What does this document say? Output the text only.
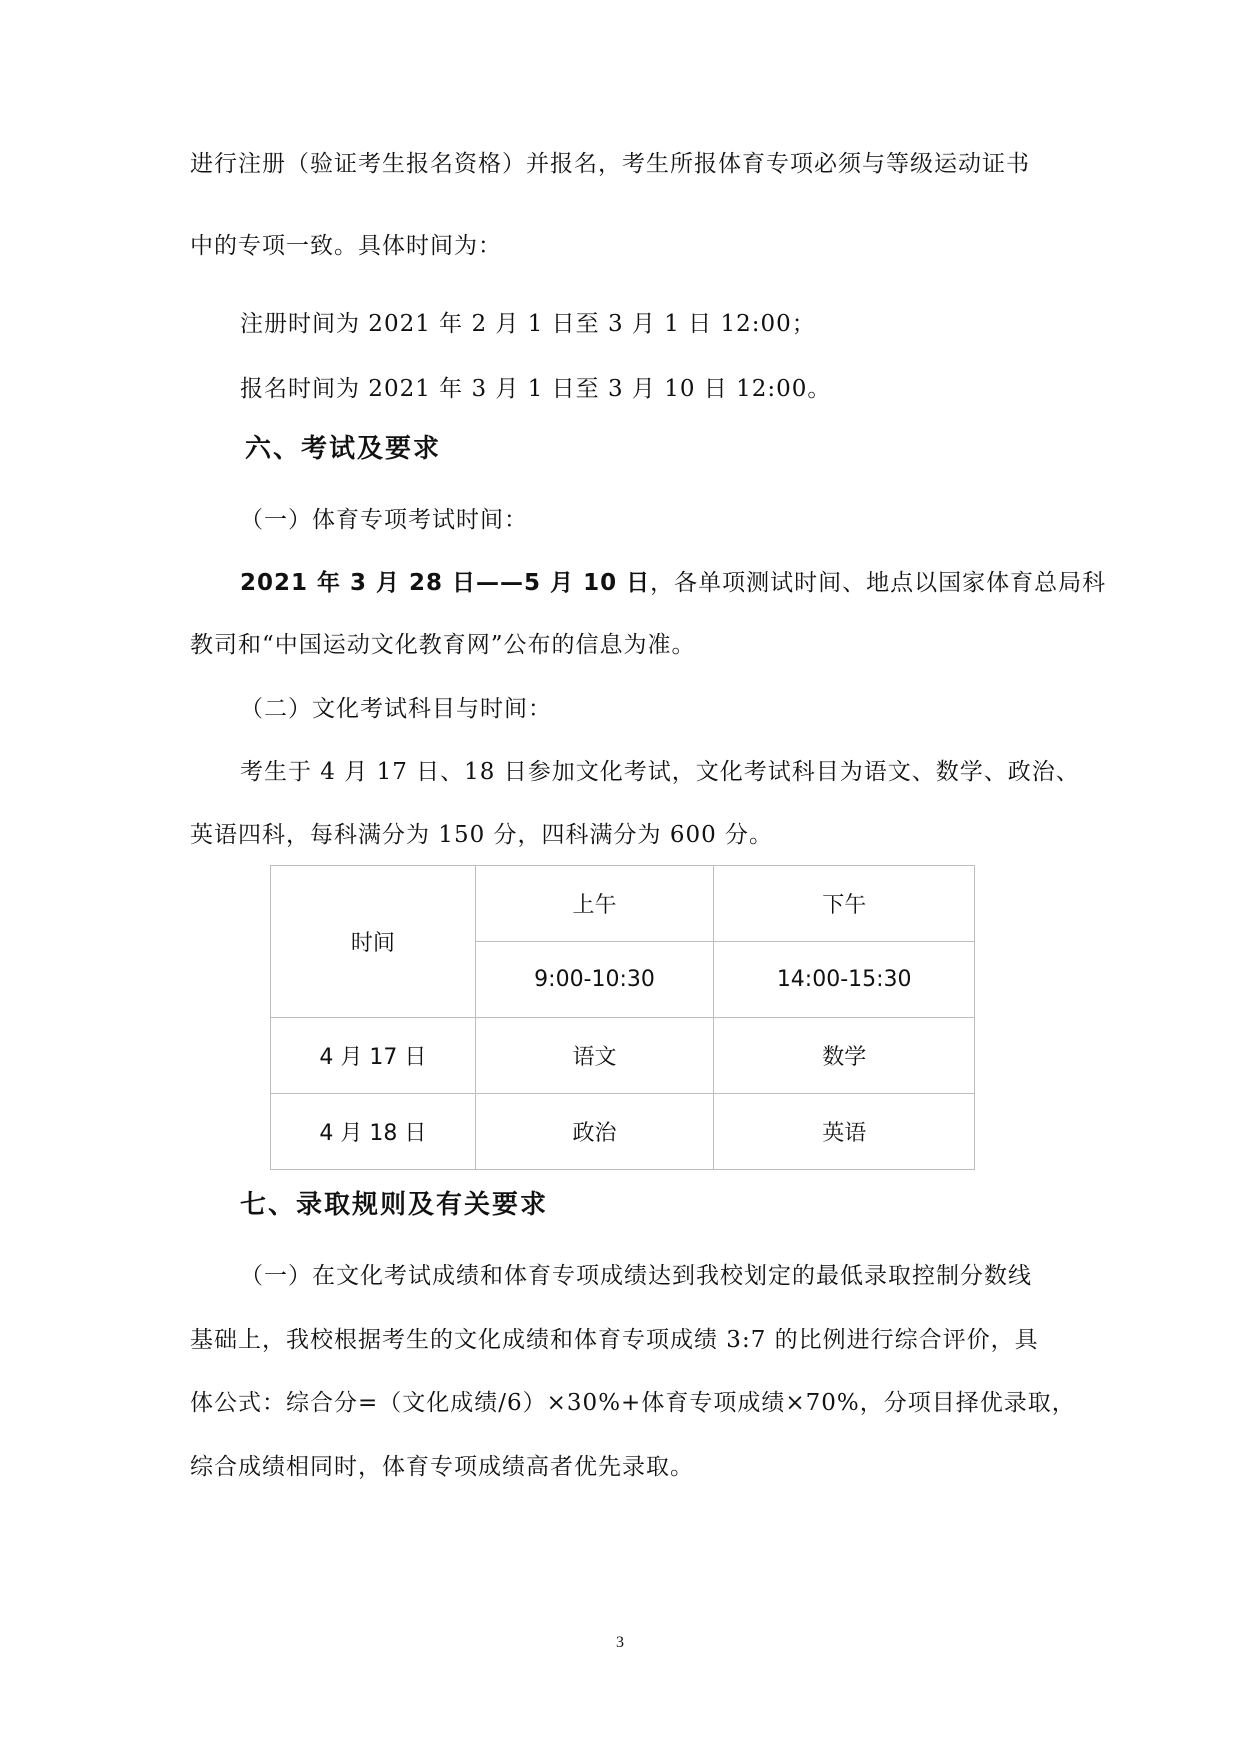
进行注册（验证考生报名资格）并报名，考生所报体育专项必须与等级运动证书
中的专项一致。具体时间为：
注册时间为 2021 年 2 月 1 日至 3 月 1 日 12:00；
报名时间为 2021 年 3 月 1 日至 3 月 10 日 12:00。
六、考试及要求
（一）体育专项考试时间：
2021 年 3 月 28 日——5 月 10 日，各单项测试时间、地点以国家体育总局科
教司和“中国运动文化教育网”公布的信息为准。
（二）文化考试科目与时间：
考生于 4 月 17 日、18 日参加文化考试，文化考试科目为语文、数学、政治、
英语四科，每科满分为 150 分，四科满分为 600 分。
时间	上午	下午
	9:00-10:30	14:00-15:30
4 月 17 日	语文	数学
4 月 18 日	政治	英语
七、录取规则及有关要求
（一）在文化考试成绩和体育专项成绩达到我校划定的最低录取控制分数线
基础上，我校根据考生的文化成绩和体育专项成绩 3:7 的比例进行综合评价，具
体公式：综合分=（文化成绩/6）×30%+体育专项成绩×70%，分项目择优录取，
综合成绩相同时，体育专项成绩高者优先录取。
3
